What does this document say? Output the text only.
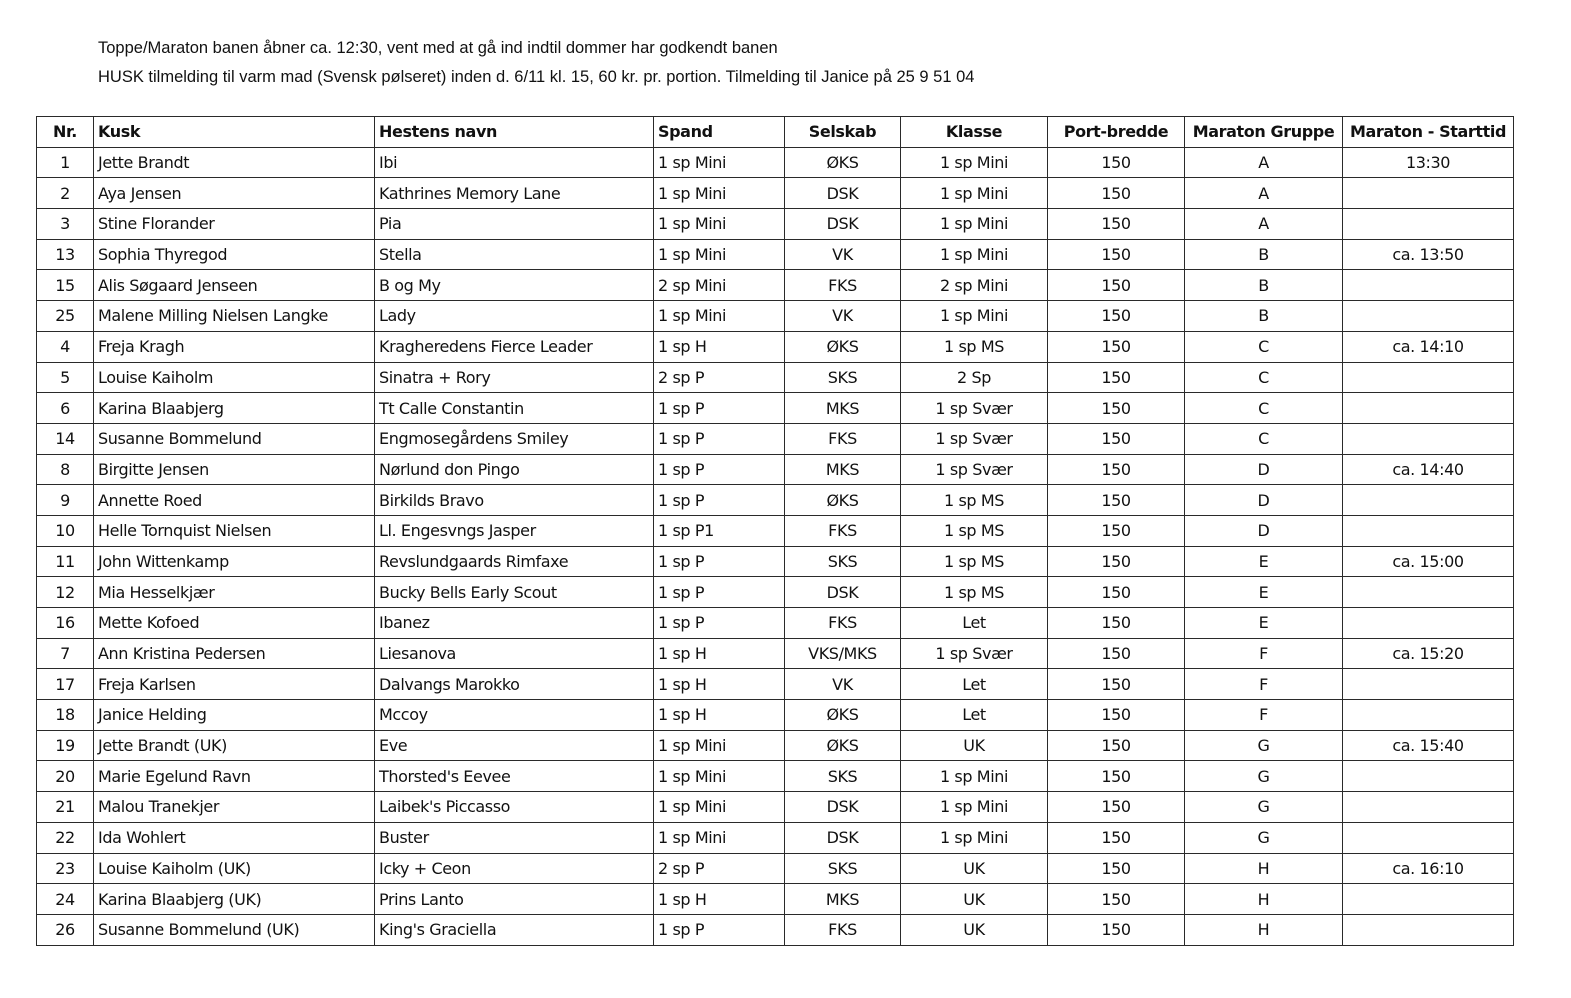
Toppe/Maraton banen åbner ca. 12:30, vent med at gå ind indtil dommer har godkendt banen
HUSK tilmelding til varm mad (Svensk pølseret) inden d. 6/11 kl. 15, 60 kr. pr. portion. Tilmelding til Janice på 25 9 51 04
Nr.	Kusk	Hestens navn	Spand	Selskab	Klasse	Port-bredde	Maraton Gruppe	Maraton - Starttid
1	Jette Brandt	Ibi	1 sp Mini	ØKS	1 sp Mini	150	A	13:30
2	Aya Jensen	Kathrines Memory Lane	1 sp Mini	DSK	1 sp Mini	150	A	
3	Stine Florander	Pia	1 sp Mini	DSK	1 sp Mini	150	A	
13	Sophia Thyregod	Stella	1 sp Mini	VK	1 sp Mini	150	B	ca. 13:50
15	Alis Søgaard Jenseen	B og My	2 sp Mini	FKS	2 sp Mini	150	B	
25	Malene Milling Nielsen Langke	Lady	1 sp Mini	VK	1 sp Mini	150	B	
4	Freja Kragh	Kragheredens Fierce Leader	1 sp H	ØKS	1 sp MS	150	C	ca. 14:10
5	Louise Kaiholm	Sinatra + Rory	2 sp P	SKS	2 Sp	150	C	
6	Karina Blaabjerg	Tt Calle Constantin	1 sp P	MKS	1 sp Svær	150	C	
14	Susanne Bommelund	Engmosegårdens Smiley	1 sp P	FKS	1 sp Svær	150	C	
8	Birgitte Jensen	Nørlund don Pingo	1 sp P	MKS	1 sp Svær	150	D	ca. 14:40
9	Annette Roed	Birkilds Bravo	1 sp P	ØKS	1 sp MS	150	D	
10	Helle Tornquist Nielsen	Ll. Engesvngs Jasper	1 sp P1	FKS	1 sp MS	150	D	
11	John Wittenkamp	Revslundgaards Rimfaxe	1 sp P	SKS	1 sp MS	150	E	ca. 15:00
12	Mia Hesselkjær	Bucky Bells Early Scout	1 sp P	DSK	1 sp MS	150	E	
16	Mette Kofoed	Ibanez	1 sp P	FKS	Let	150	E	
7	Ann Kristina Pedersen	Liesanova	1 sp H	VKS/MKS	1 sp Svær	150	F	ca. 15:20
17	Freja Karlsen	Dalvangs Marokko	1 sp H	VK	Let	150	F	
18	Janice Helding	Mccoy	1 sp H	ØKS	Let	150	F	
19	Jette Brandt (UK)	Eve	1 sp Mini	ØKS	UK	150	G	ca. 15:40
20	Marie Egelund Ravn	Thorsted's Eevee	1 sp Mini	SKS	1 sp Mini	150	G	
21	Malou Tranekjer	Laibek's Piccasso	1 sp Mini	DSK	1 sp Mini	150	G	
22	Ida Wohlert	Buster	1 sp Mini	DSK	1 sp Mini	150	G	
23	Louise Kaiholm (UK)	Icky + Ceon	2 sp P	SKS	UK	150	H	ca. 16:10
24	Karina Blaabjerg (UK)	Prins Lanto	1 sp H	MKS	UK	150	H	
26	Susanne Bommelund (UK)	King's Graciella	1 sp P	FKS	UK	150	H	
